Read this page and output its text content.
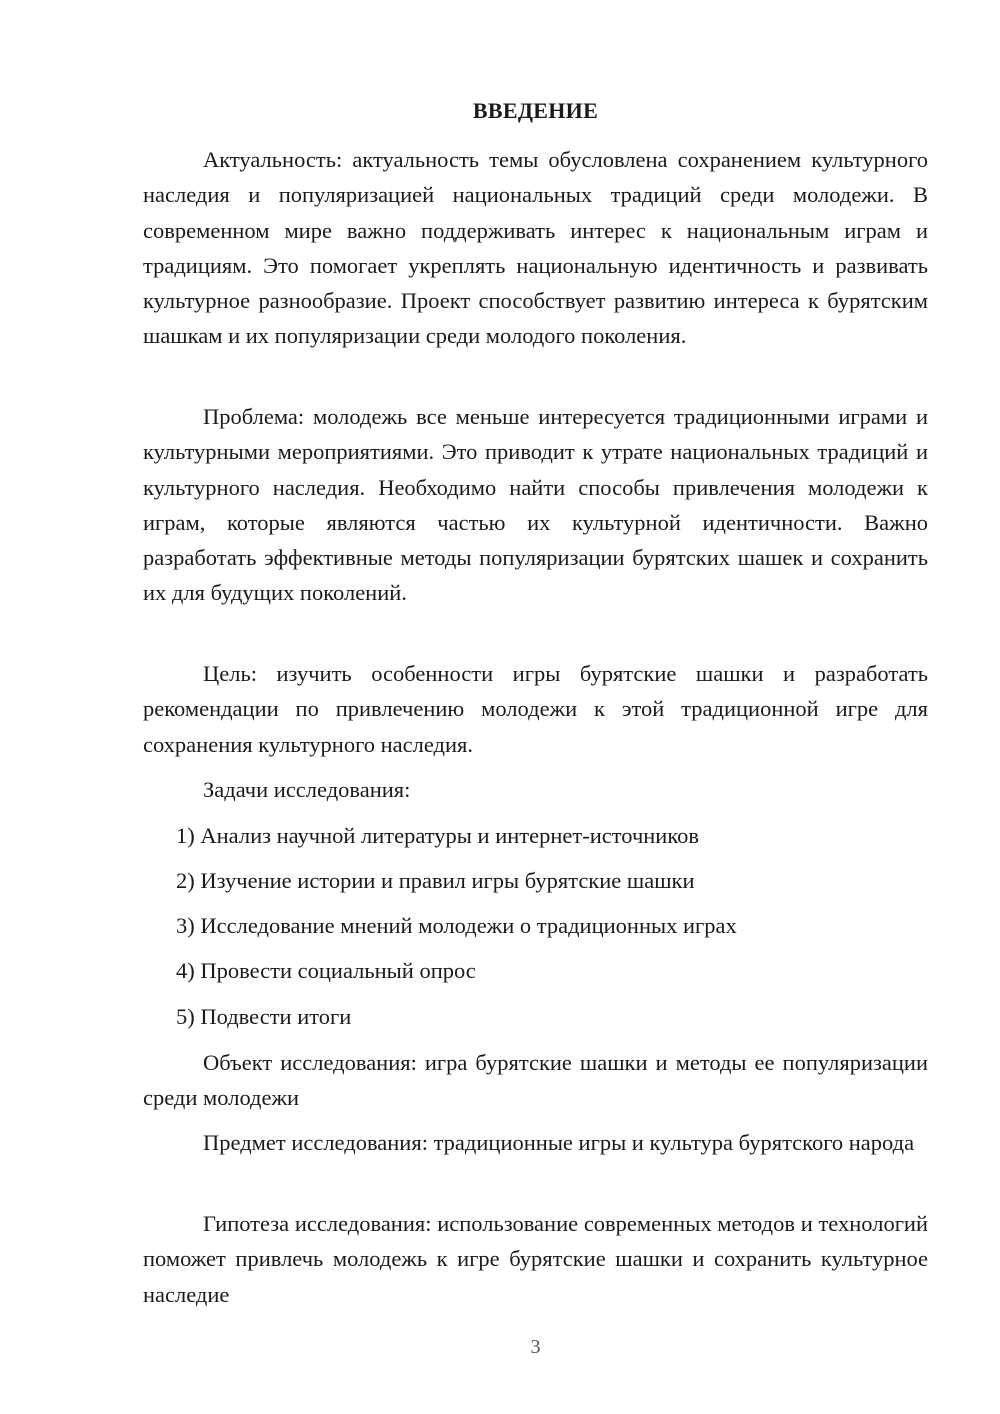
ВВЕДЕНИЕ

Актуальность: актуальность темы обусловлена сохранением культурного наследия и популяризацией национальных традиций среди молодежи. В современном мире важно поддерживать интерес к национальным играм и традициям. Это помогает укреплять национальную идентичность и развивать культурное разнообразие. Проект способствует развитию интереса к бурятским шашкам и их популяризации среди молодого поколения.

Проблема: молодежь все меньше интересуется традиционными играми и культурными мероприятиями. Это приводит к утрате национальных традиций и культурного наследия. Необходимо найти способы привлечения молодежи к играм, которые являются частью их культурной идентичности. Важно разработать эффективные методы популяризации бурятских шашек и сохранить их для будущих поколений.

Цель: изучить особенности игры бурятские шашки и разработать рекомендации по привлечению молодежи к этой традиционной игре для сохранения культурного наследия.

Задачи исследования:

1) Анализ научной литературы и интернет-источников
2) Изучение истории и правил игры бурятские шашки
3) Исследование мнений молодежи о традиционных играх
4) Провести социальный опрос
5) Подвести итоги

Объект исследования: игра бурятские шашки и методы ее популяризации среди молодежи

Предмет исследования: традиционные игры и культура бурятского народа

Гипотеза исследования: использование современных методов и технологий поможет привлечь молодежь к игре бурятские шашки и сохранить культурное наследие

3
